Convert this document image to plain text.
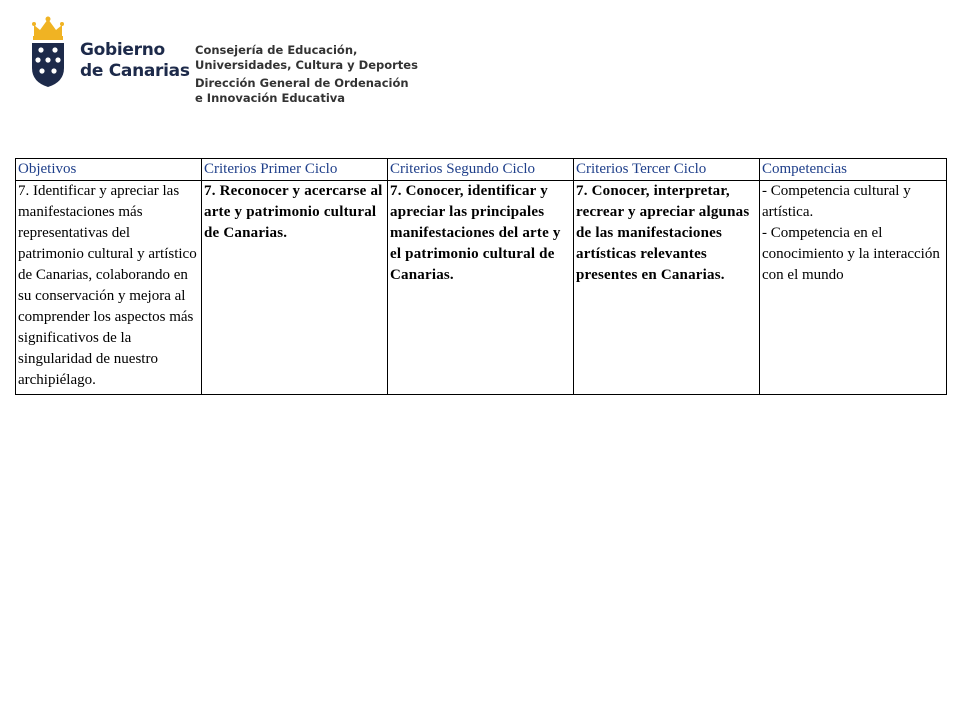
Gobierno
de Canarias
Consejería de Educación,
Universidades, Cultura y Deportes
Dirección General de Ordenación
e Innovación Educativa
Objetivos	Criterios Primer Ciclo	Criterios Segundo Ciclo	Criterios Tercer Ciclo	Competencias
7. Identificar y apreciar las manifestaciones más representativas del patrimonio cultural y artístico de Canarias, colaborando en su conservación y mejora al comprender los aspectos más significativos de la singularidad de nuestro archipiélago.	7. Reconocer y acercarse al arte y patrimonio cultural de Canarias.	7. Conocer, identificar y apreciar las principales manifestaciones del arte y el patrimonio cultural de Canarias.	7. Conocer, interpretar, recrear y apreciar algunas de las manifestaciones artísticas relevantes presentes en Canarias.	- Competencia cultural y artística.
- Competencia en el conocimiento y la interacción con el mundo
